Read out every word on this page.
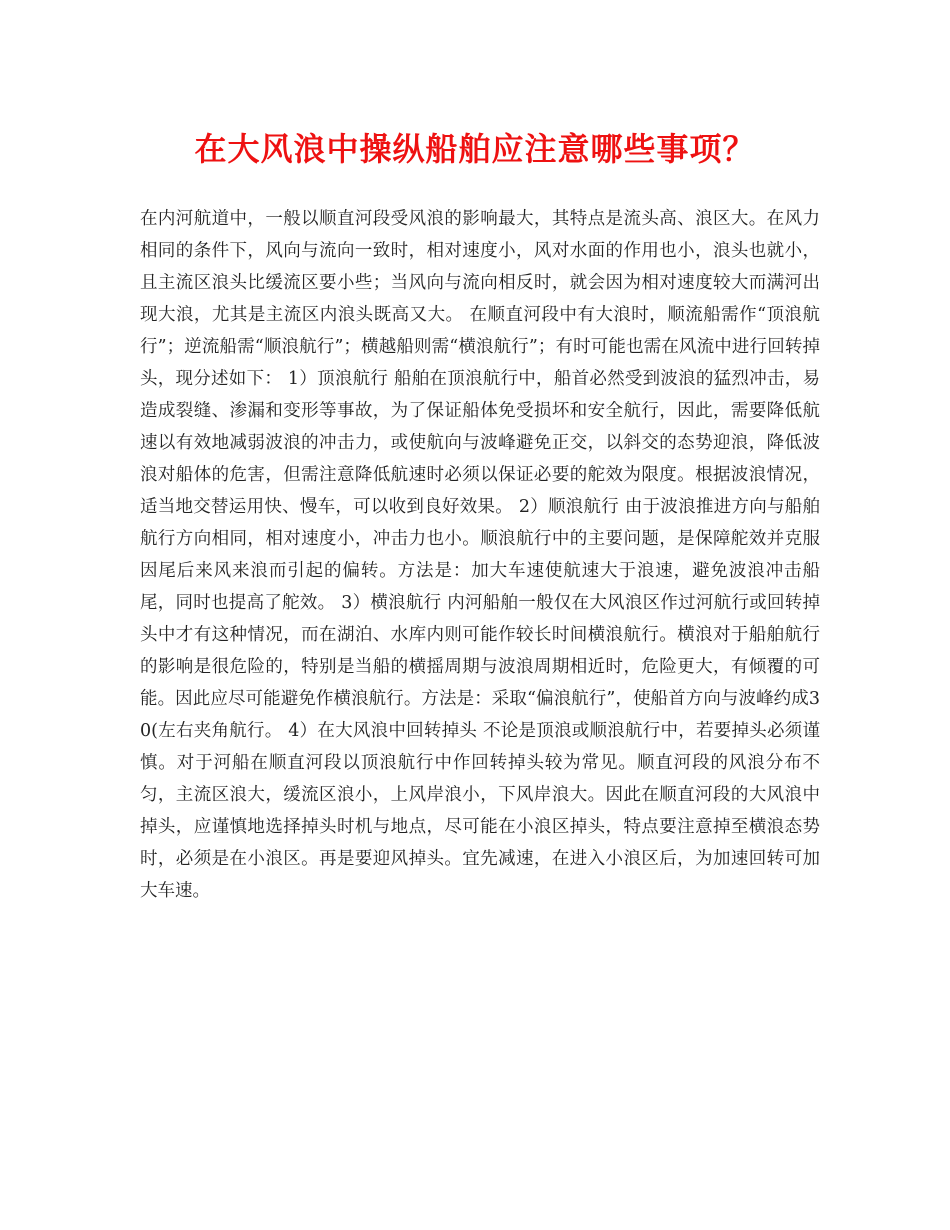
在大风浪中操纵船舶应注意哪些事项？

在内河航道中，一般以顺直河段受风浪的影响最大，其特点是流头高、浪区大。在风力相同的条件下，风向与流向一致时，相对速度小，风对水面的作用也小，浪头也就小，且主流区浪头比缓流区要小些；当风向与流向相反时，就会因为相对速度较大而满河出现大浪，尤其是主流区内浪头既高又大。 在顺直河段中有大浪时，顺流船需作“顶浪航行”；逆流船需“顺浪航行”；横越船则需“横浪航行”；有时可能也需在风流中进行回转掉头，现分述如下： 1）顶浪航行 船舶在顶浪航行中，船首必然受到波浪的猛烈冲击，易造成裂缝、渗漏和变形等事故，为了保证船体免受损坏和安全航行，因此，需要降低航速以有效地减弱波浪的冲击力，或使航向与波峰避免正交，以斜交的态势迎浪，降低波浪对船体的危害，但需注意降低航速时必须以保证必要的舵效为限度。根据波浪情况，适当地交替运用快、慢车，可以收到良好效果。 2）顺浪航行 由于波浪推进方向与船舶航行方向相同，相对速度小，冲击力也小。顺浪航行中的主要问题，是保障舵效并克服因尾后来风来浪而引起的偏转。方法是：加大车速使航速大于浪速，避免波浪冲击船尾，同时也提高了舵效。 3）横浪航行 内河船舶一般仅在大风浪区作过河航行或回转掉头中才有这种情况，而在湖泊、水库内则可能作较长时间横浪航行。横浪对于船舶航行的影响是很危险的，特别是当船的横摇周期与波浪周期相近时，危险更大，有倾覆的可能。因此应尽可能避免作横浪航行。方法是：采取“偏浪航行”，使船首方向与波峰约成30(左右夹角航行。 4）在大风浪中回转掉头 不论是顶浪或顺浪航行中，若要掉头必须谨慎。对于河船在顺直河段以顶浪航行中作回转掉头较为常见。顺直河段的风浪分布不匀，主流区浪大，缓流区浪小，上风岸浪小，下风岸浪大。因此在顺直河段的大风浪中掉头，应谨慎地选择掉头时机与地点，尽可能在小浪区掉头，特点要注意掉至横浪态势时，必须是在小浪区。再是要迎风掉头。宜先减速，在进入小浪区后，为加速回转可加大车速。
